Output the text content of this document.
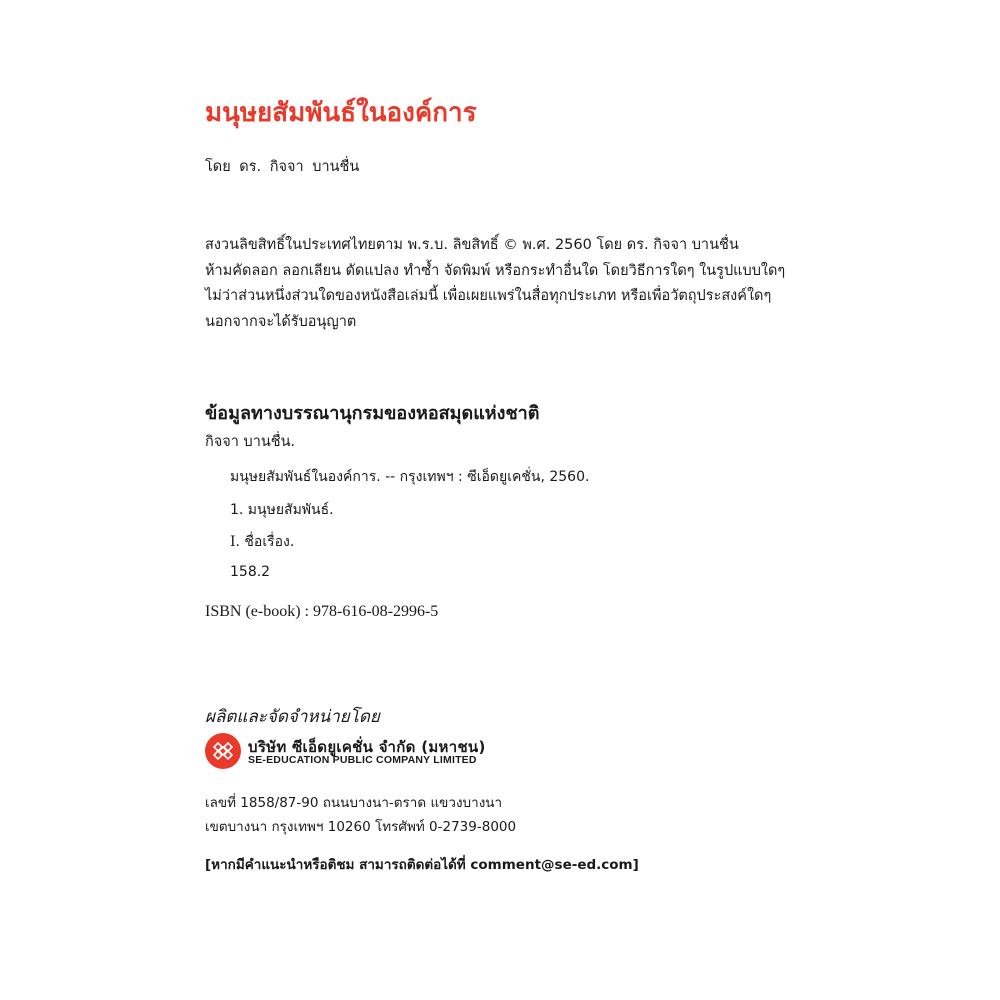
มนุษยสัมพันธ์ในองค์การ
โดย ดร. กิจจา บานชื่น
สงวนลิขสิทธิ์ในประเทศไทยตาม พ.ร.บ. ลิขสิทธิ์ © พ.ศ. 2560 โดย ดร. กิจจา บานชื่น
ห้ามคัดลอก ลอกเลียน ดัดแปลง ทำซ้ำ จัดพิมพ์ หรือกระทำอื่นใด โดยวิธีการใดๆ ในรูปแบบใดๆ
ไม่ว่าส่วนหนึ่งส่วนใดของหนังสือเล่มนี้ เพื่อเผยแพร่ในสื่อทุกประเภท หรือเพื่อวัตถุประสงค์ใดๆ
นอกจากจะได้รับอนุญาต
ข้อมูลทางบรรณานุกรมของหอสมุดแห่งชาติ
กิจจา บานชื่น.
มนุษยสัมพันธ์ในองค์การ. -- กรุงเทพฯ : ซีเอ็ดยูเคชั่น, 2560.
1. มนุษยสัมพันธ์.
I. ชื่อเรื่อง.
158.2
ISBN (e-book) : 978-616-08-2996-5
ผลิตและจัดจำหน่ายโดย
บริษัท ซีเอ็ดยูเคชั่น จำกัด (มหาชน)
SE-EDUCATION PUBLIC COMPANY LIMITED
เลขที่ 1858/87-90 ถนนบางนา-ตราด แขวงบางนา
เขตบางนา กรุงเทพฯ 10260 โทรศัพท์ 0-2739-8000
[หากมีคำแนะนำหรือติชม สามารถติดต่อได้ที่ comment@se-ed.com]
